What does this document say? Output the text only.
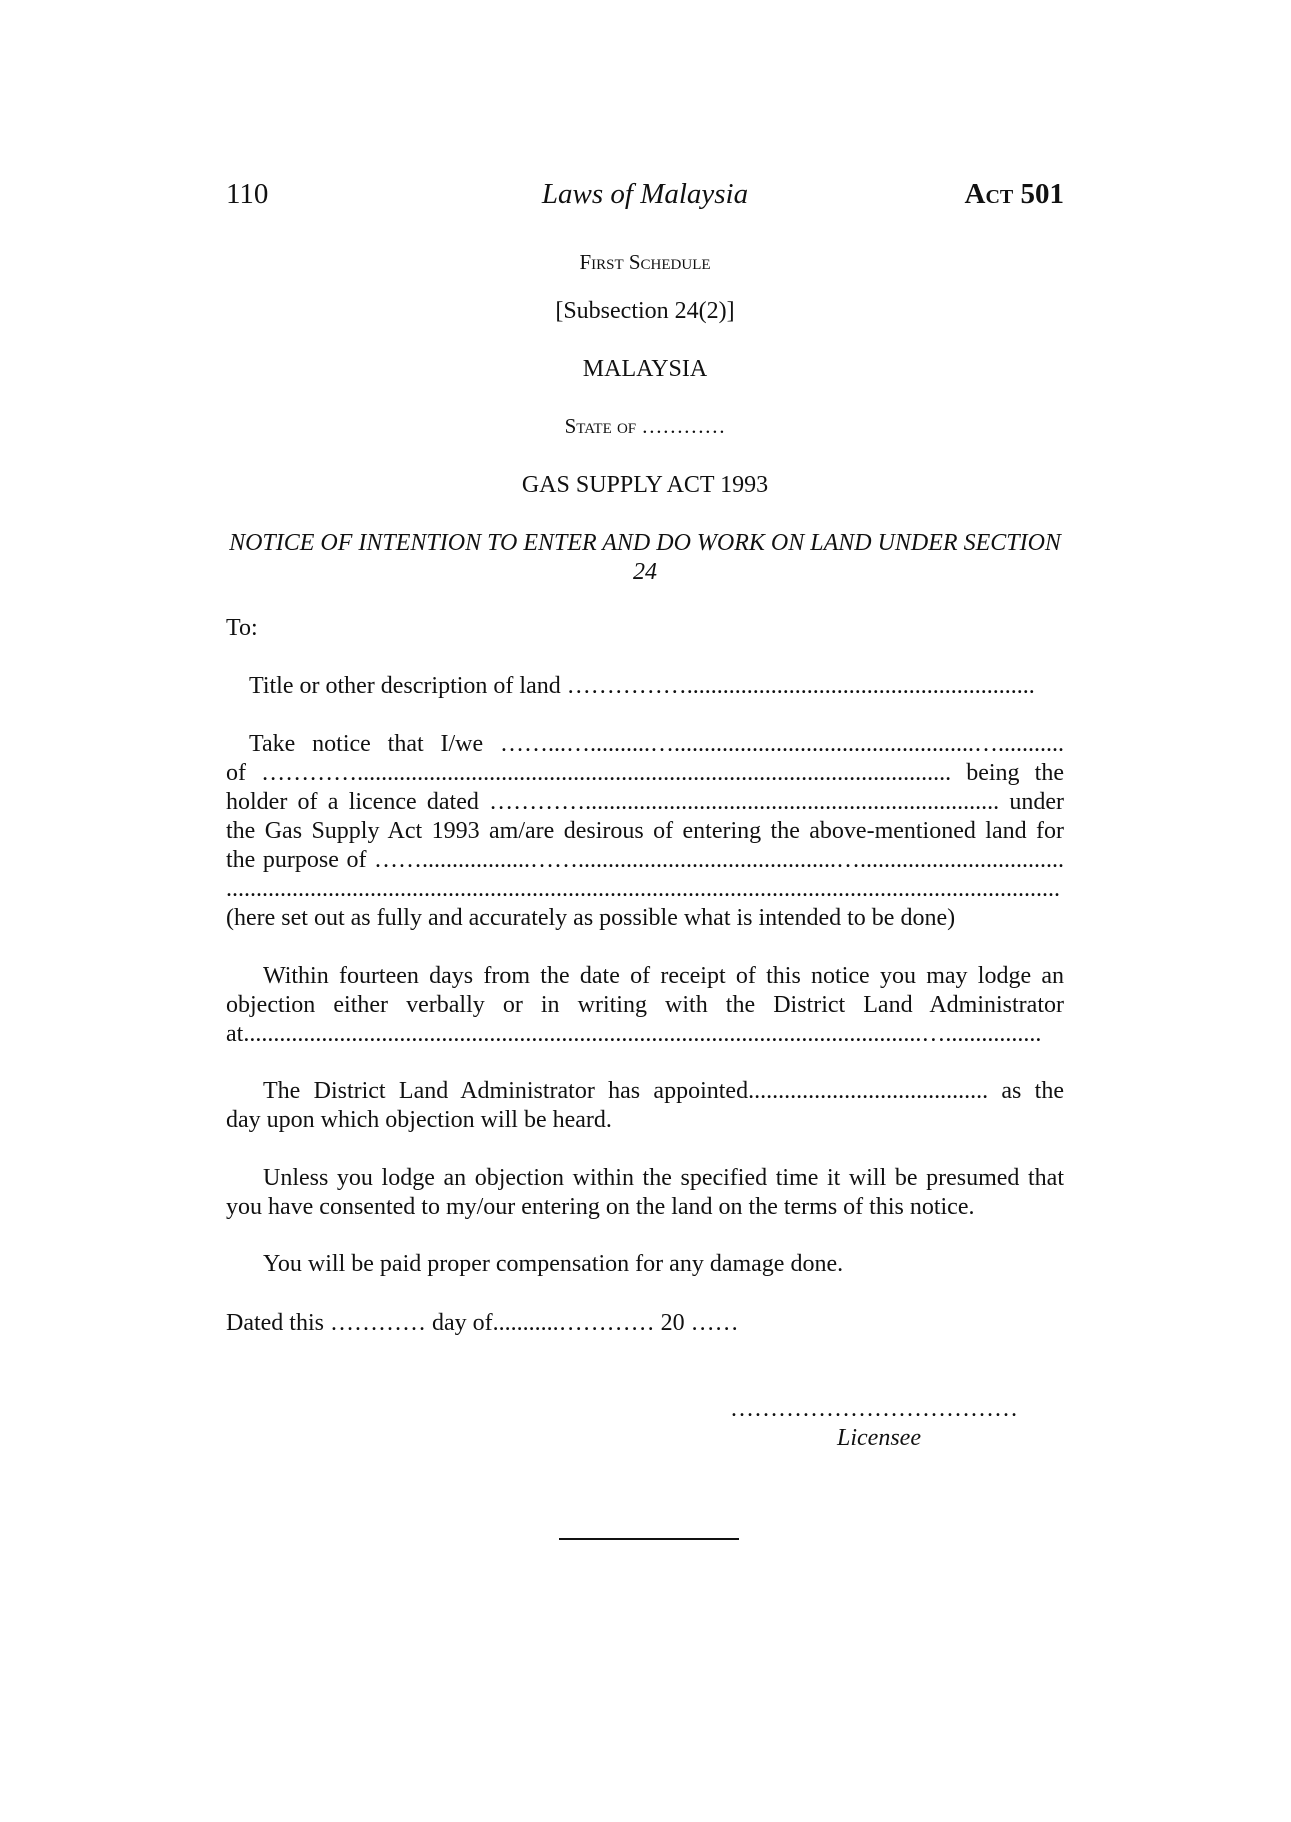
110	Laws of Malaysia	Act 501
First Schedule
[Subsection 24(2)]
MALAYSIA
State of …………
GAS SUPPLY ACT 1993
NOTICE OF INTENTION TO ENTER AND DO WORK ON LAND UNDER SECTION 24
To:
Title or other description of land ……………..........................................................
Take notice that I/we ……...…..........…..................................................…...........
of …………................................................................................................... being the
holder of a licence dated …………..................................................................... under
the Gas Supply Act 1993 am/are desirous of entering the above-mentioned land for
the purpose of ……..................……...........................................…..................................
...........................................................................................................................................
(here set out as fully and accurately as possible what is intended to be done)
Within fourteen days from the date of receipt of this notice you may lodge an
objection either verbally or in writing with the District Land Administrator
at.................................................................................................................…................
The District Land Administrator has appointed........................................ as the
day upon which objection will be heard.
Unless you lodge an objection within the specified time it will be presumed that
you have consented to my/our entering on the land on the terms of this notice.
You will be paid proper compensation for any damage done.
Dated this ………… day of...........………… 20 ……
………………………………
Licensee
